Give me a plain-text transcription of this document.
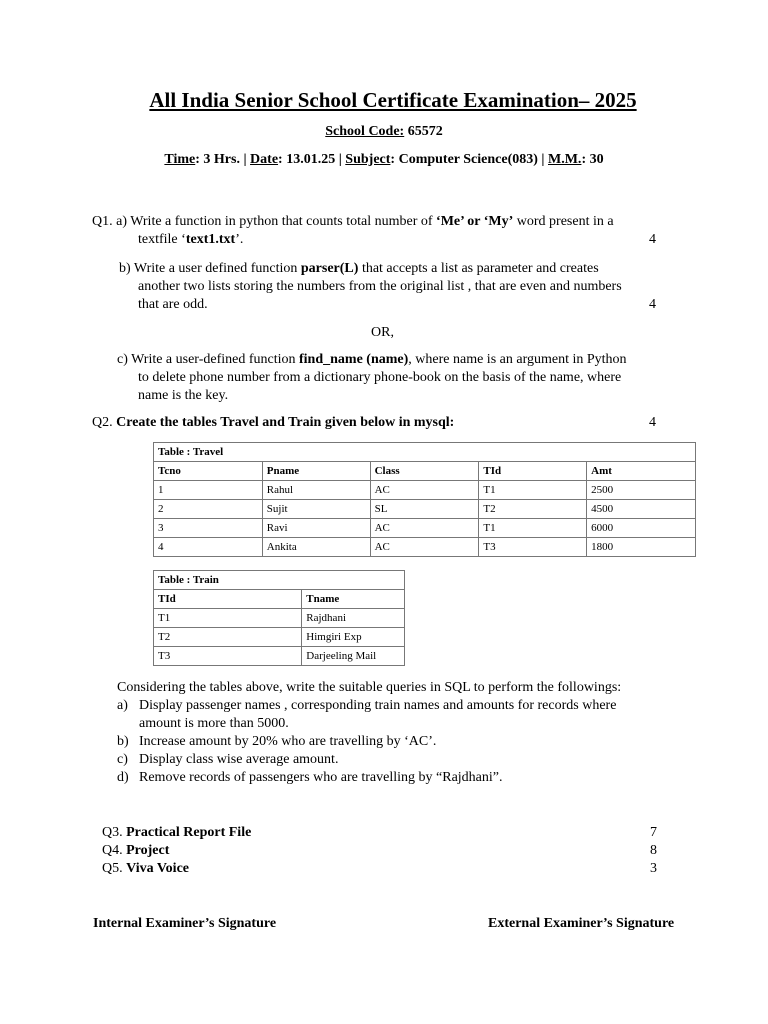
All India Senior School Certificate Examination– 2025
School Code: 65572
Time: 3 Hrs. | Date: 13.01.25 | Subject: Computer Science(083) | M.M.: 30
Q1. a) Write a function in python that counts total number of ‘Me’ or ‘My’ word present in a
textfile ‘text1.txt’.	4
b) Write a user defined function parser(L) that accepts a list as parameter and creates
another two lists storing the numbers from the original list , that are even and numbers
that are odd.	4
OR,
c) Write a user-defined function find_name (name), where name is an argument in Python
to delete phone number from a dictionary phone-book on the basis of the name, where
name is the key.
Q2. Create the tables Travel and Train given below in mysql:	4
Table : Travel				
Tcno	Pname	Class	TId	Amt
1	Rahul	AC	T1	2500
2	Sujit	SL	T2	4500
3	Ravi	AC	T1	6000
4	Ankita	AC	T3	1800
Table : Train	
TId	Tname
T1	Rajdhani
T2	Himgiri Exp
T3	Darjeeling Mail
Considering the tables above, write the suitable queries in SQL to perform the followings:
a) Display passenger names , corresponding train names and amounts for records where
amount is more than 5000.
b) Increase amount by 20% who are travelling by ‘AC’.
c) Display class wise average amount.
d) Remove records of passengers who are travelling by “Rajdhani”.
Q3. Practical Report File	7
Q4. Project	8
Q5. Viva Voice	3
Internal Examiner’s Signature	External Examiner’s Signature
